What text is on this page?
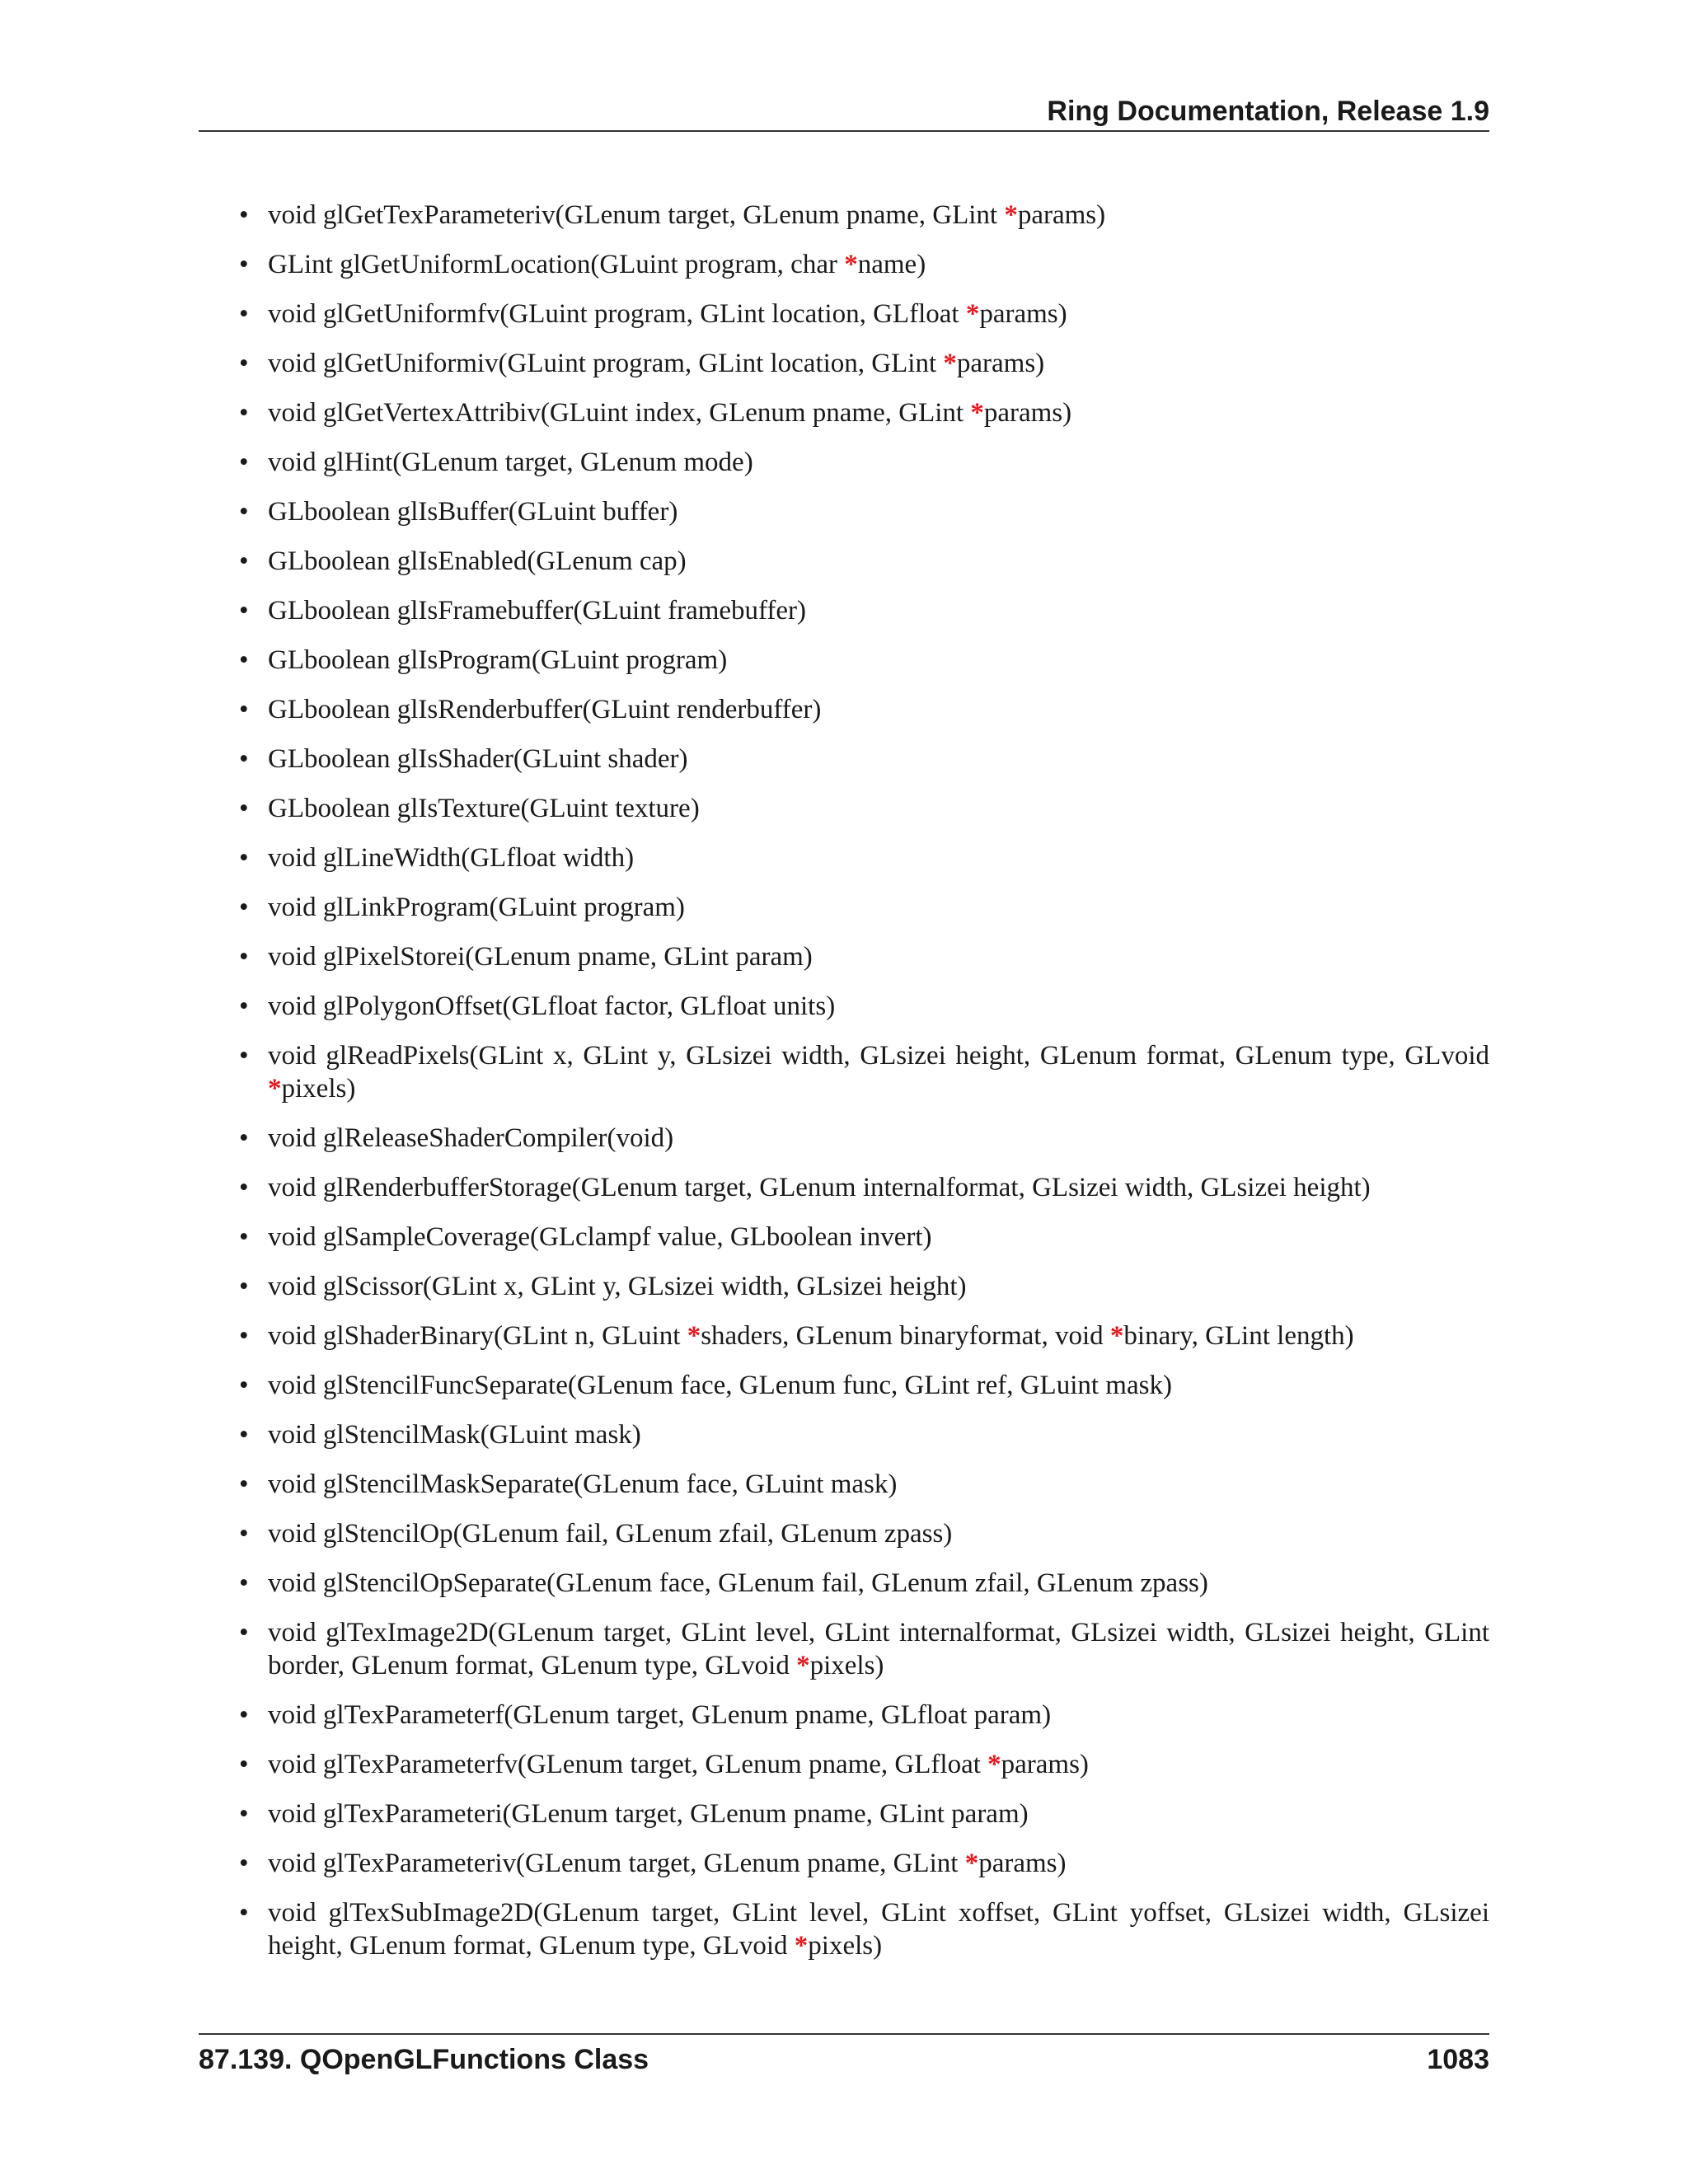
Ring Documentation, Release 1.9
• void glGetTexParameteriv(GLenum target, GLenum pname, GLint *params)
• GLint glGetUniformLocation(GLuint program, char *name)
• void glGetUniformfv(GLuint program, GLint location, GLfloat *params)
• void glGetUniformiv(GLuint program, GLint location, GLint *params)
• void glGetVertexAttribiv(GLuint index, GLenum pname, GLint *params)
• void glHint(GLenum target, GLenum mode)
• GLboolean glIsBuffer(GLuint buffer)
• GLboolean glIsEnabled(GLenum cap)
• GLboolean glIsFramebuffer(GLuint framebuffer)
• GLboolean glIsProgram(GLuint program)
• GLboolean glIsRenderbuffer(GLuint renderbuffer)
• GLboolean glIsShader(GLuint shader)
• GLboolean glIsTexture(GLuint texture)
• void glLineWidth(GLfloat width)
• void glLinkProgram(GLuint program)
• void glPixelStorei(GLenum pname, GLint param)
• void glPolygonOffset(GLfloat factor, GLfloat units)
• void glReadPixels(GLint x, GLint y, GLsizei width, GLsizei height, GLenum format, GLenum type, GLvoid *pixels)
• void glReleaseShaderCompiler(void)
• void glRenderbufferStorage(GLenum target, GLenum internalformat, GLsizei width, GLsizei height)
• void glSampleCoverage(GLclampf value, GLboolean invert)
• void glScissor(GLint x, GLint y, GLsizei width, GLsizei height)
• void glShaderBinary(GLint n, GLuint *shaders, GLenum binaryformat, void *binary, GLint length)
• void glStencilFuncSeparate(GLenum face, GLenum func, GLint ref, GLuint mask)
• void glStencilMask(GLuint mask)
• void glStencilMaskSeparate(GLenum face, GLuint mask)
• void glStencilOp(GLenum fail, GLenum zfail, GLenum zpass)
• void glStencilOpSeparate(GLenum face, GLenum fail, GLenum zfail, GLenum zpass)
• void glTexImage2D(GLenum target, GLint level, GLint internalformat, GLsizei width, GLsizei height, GLint border, GLenum format, GLenum type, GLvoid *pixels)
• void glTexParameterf(GLenum target, GLenum pname, GLfloat param)
• void glTexParameterfv(GLenum target, GLenum pname, GLfloat *params)
• void glTexParameteri(GLenum target, GLenum pname, GLint param)
• void glTexParameteriv(GLenum target, GLenum pname, GLint *params)
• void glTexSubImage2D(GLenum target, GLint level, GLint xoffset, GLint yoffset, GLsizei width, GLsizei height, GLenum format, GLenum type, GLvoid *pixels)
87.139. QOpenGLFunctions Class	1083
